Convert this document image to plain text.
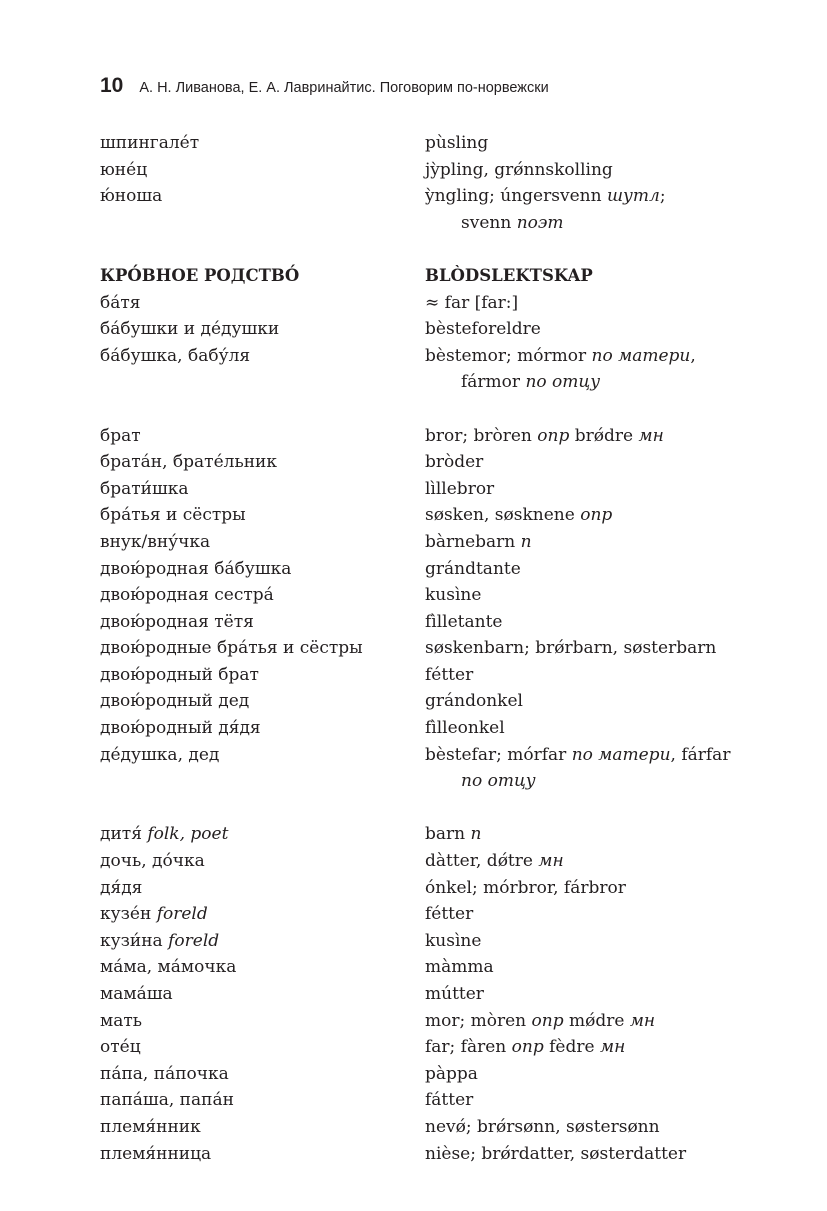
10 А. Н. Ливанова, Е. А. Лавринайтис. Поговорим по-норвежски
шпингале́т	pùsling
юне́ц	jỳpling, grǿnnskolling
ю́ноша	ỳngling; úngersvenn шутл;
svenn поэт
КРО́ВНОЕ РОДСТВО́	BLÒDSLEKTSKAP
ба́тя	≈ far [far:]
ба́бушки и де́душки	bèsteforeldre
ба́бушка, бабу́ля	bèstemor; mórmor по матери,
fármor по отцу
брат	bror; bròren опр brǿdre мн
брата́н, брате́льник	bròder
брати́шка	lìllebror
бра́тья и сёстры	søsken, søsknene опр
внук/вну́чка	bàrnebarn n
двою́родная ба́бушка	grándtante
двою́родная сестра́	kusìne
двою́родная тётя	fìlletante
двою́родные бра́тья и сёстры	søskenbarn; brǿrbarn, søsterbarn
двою́родный брат	fétter
двою́родный дед	grándonkel
двою́родный дя́дя	fìlleonkel
де́душка, дед	bèstefar; mórfar по матери, fárfar
по отцу
дитя́ folk, poet	barn n
дочь, до́чка	dàtter, dǿtre мн
дя́дя	ónkel; mórbror, fárbror
кузе́н foreld	fétter
кузи́на foreld	kusìne
ма́ма, ма́мочка	màmma
мама́ша	mútter
мать	mor; mòren опр mǿdre мн
оте́ц	far; fàren опр fèdre мн
па́па, па́почка	pàppa
папа́ша, папа́н	fátter
племя́нник	nevǿ; brǿrsønn, søstersønn
племя́нница	nièse; brǿrdatter, søsterdatter
